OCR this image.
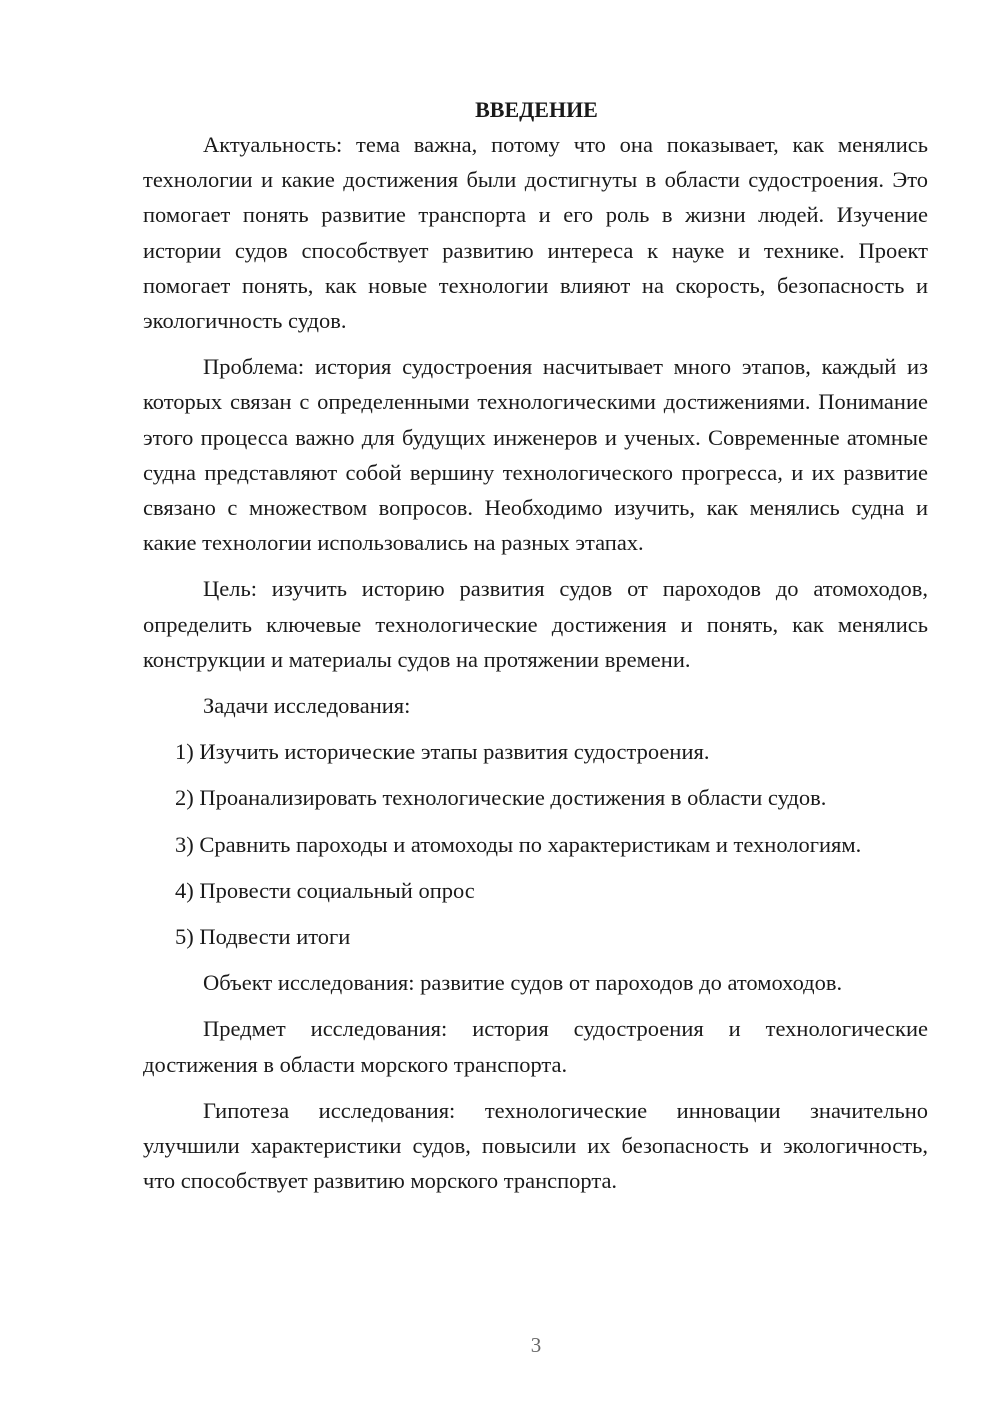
ВВЕДЕНИЕ

Актуальность: тема важна, потому что она показывает, как менялись технологии и какие достижения были достигнуты в области судостроения. Это помогает понять развитие транспорта и его роль в жизни людей. Изучение истории судов способствует развитию интереса к науке и технике. Проект помогает понять, как новые технологии влияют на скорость, безопасность и экологичность судов.

Проблема: история судостроения насчитывает много этапов, каждый из которых связан с определенными технологическими достижениями. Понимание этого процесса важно для будущих инженеров и ученых. Современные атомные судна представляют собой вершину технологического прогресса, и их развитие связано с множеством вопросов. Необходимо изучить, как менялись судна и какие технологии использовались на разных этапах.

Цель: изучить историю развития судов от пароходов до атомоходов, определить ключевые технологические достижения и понять, как менялись конструкции и материалы судов на протяжении времени.

Задачи исследования:

1) Изучить исторические этапы развития судостроения.

2) Проанализировать технологические достижения в области судов.

3) Сравнить пароходы и атомоходы по характеристикам и технологиям.

4) Провести социальный опрос

5) Подвести итоги

Объект исследования: развитие судов от пароходов до атомоходов.

Предмет исследования: история судостроения и технологические достижения в области морского транспорта.

Гипотеза исследования: технологические инновации значительно улучшили характеристики судов, повысили их безопасность и экологичность, что способствует развитию морского транспорта.

3
